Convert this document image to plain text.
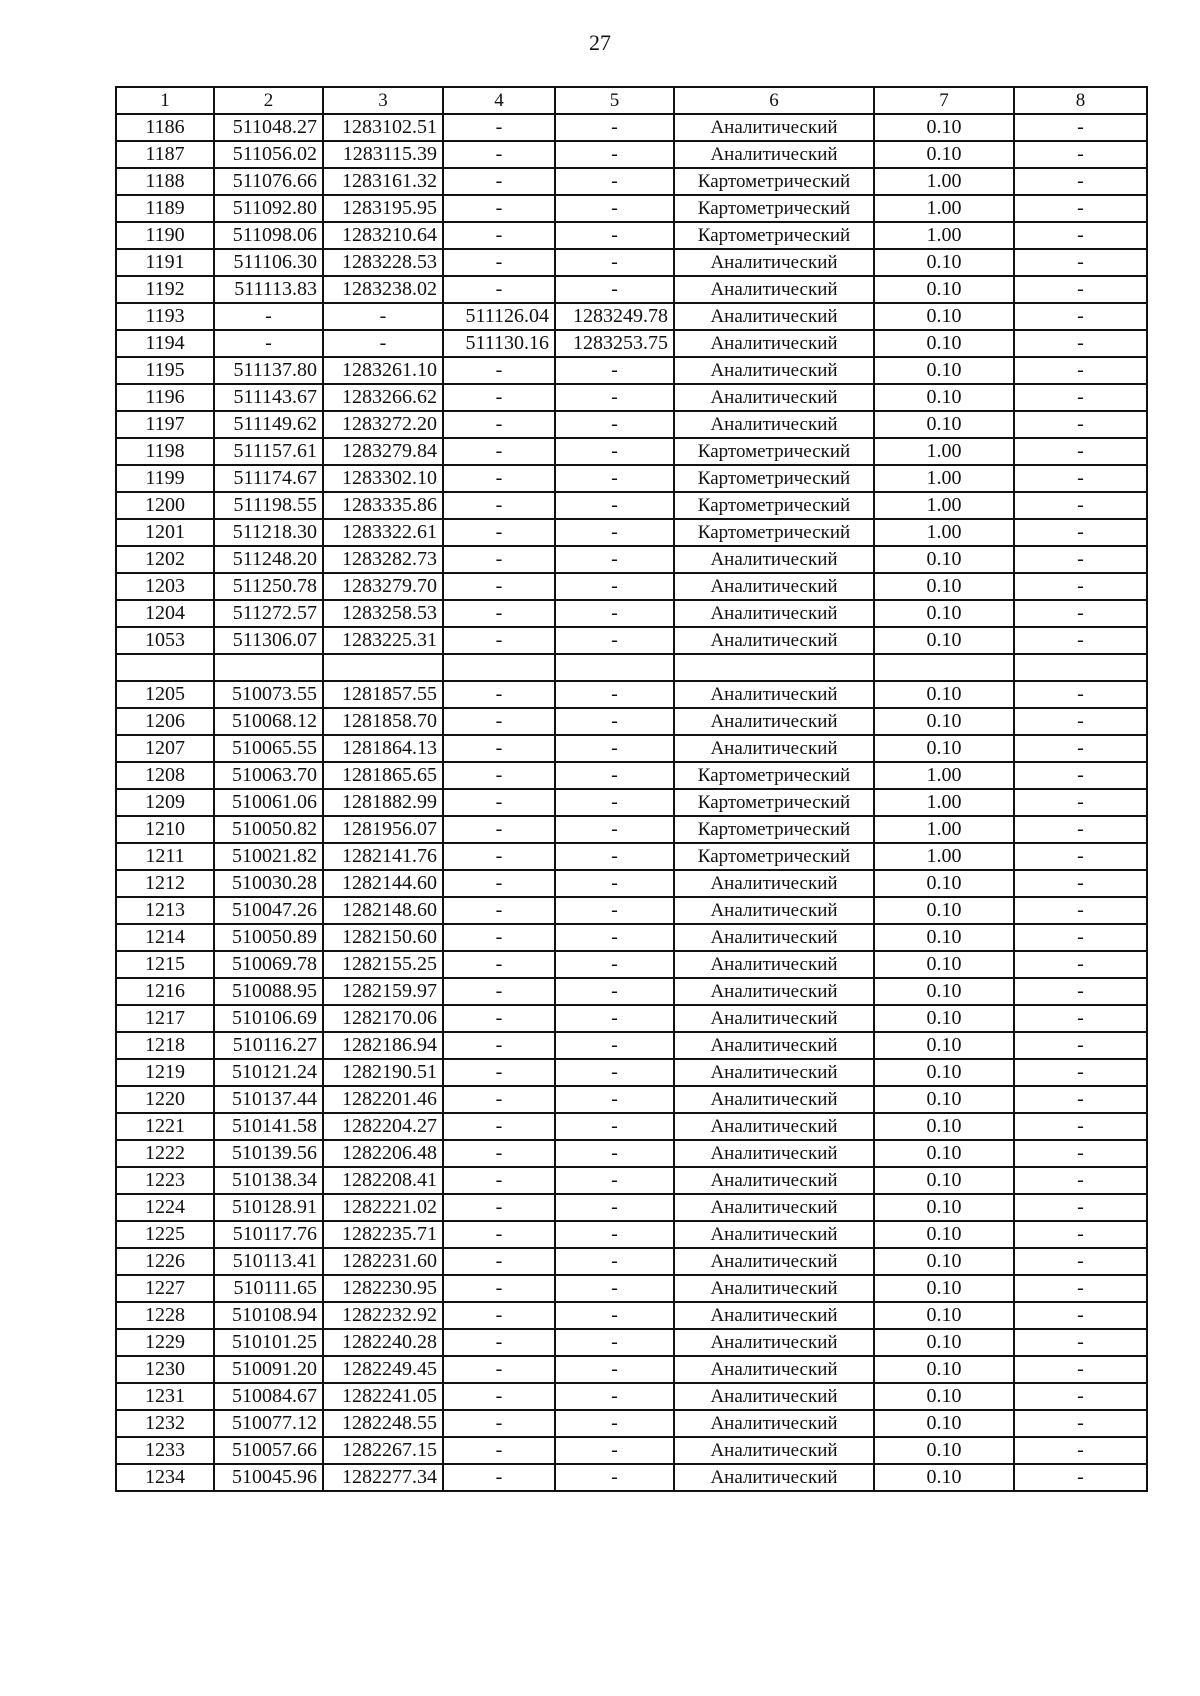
27
1	2	3	4	5	6	7	8
1186	511048.27	1283102.51	-	-	Аналитический	0.10	-
1187	511056.02	1283115.39	-	-	Аналитический	0.10	-
1188	511076.66	1283161.32	-	-	Картометрический	1.00	-
1189	511092.80	1283195.95	-	-	Картометрический	1.00	-
1190	511098.06	1283210.64	-	-	Картометрический	1.00	-
1191	511106.30	1283228.53	-	-	Аналитический	0.10	-
1192	511113.83	1283238.02	-	-	Аналитический	0.10	-
1193	-	-	511126.04	1283249.78	Аналитический	0.10	-
1194	-	-	511130.16	1283253.75	Аналитический	0.10	-
1195	511137.80	1283261.10	-	-	Аналитический	0.10	-
1196	511143.67	1283266.62	-	-	Аналитический	0.10	-
1197	511149.62	1283272.20	-	-	Аналитический	0.10	-
1198	511157.61	1283279.84	-	-	Картометрический	1.00	-
1199	511174.67	1283302.10	-	-	Картометрический	1.00	-
1200	511198.55	1283335.86	-	-	Картометрический	1.00	-
1201	511218.30	1283322.61	-	-	Картометрический	1.00	-
1202	511248.20	1283282.73	-	-	Аналитический	0.10	-
1203	511250.78	1283279.70	-	-	Аналитический	0.10	-
1204	511272.57	1283258.53	-	-	Аналитический	0.10	-
1053	511306.07	1283225.31	-	-	Аналитический	0.10	-

1205	510073.55	1281857.55	-	-	Аналитический	0.10	-
1206	510068.12	1281858.70	-	-	Аналитический	0.10	-
1207	510065.55	1281864.13	-	-	Аналитический	0.10	-
1208	510063.70	1281865.65	-	-	Картометрический	1.00	-
1209	510061.06	1281882.99	-	-	Картометрический	1.00	-
1210	510050.82	1281956.07	-	-	Картометрический	1.00	-
1211	510021.82	1282141.76	-	-	Картометрический	1.00	-
1212	510030.28	1282144.60	-	-	Аналитический	0.10	-
1213	510047.26	1282148.60	-	-	Аналитический	0.10	-
1214	510050.89	1282150.60	-	-	Аналитический	0.10	-
1215	510069.78	1282155.25	-	-	Аналитический	0.10	-
1216	510088.95	1282159.97	-	-	Аналитический	0.10	-
1217	510106.69	1282170.06	-	-	Аналитический	0.10	-
1218	510116.27	1282186.94	-	-	Аналитический	0.10	-
1219	510121.24	1282190.51	-	-	Аналитический	0.10	-
1220	510137.44	1282201.46	-	-	Аналитический	0.10	-
1221	510141.58	1282204.27	-	-	Аналитический	0.10	-
1222	510139.56	1282206.48	-	-	Аналитический	0.10	-
1223	510138.34	1282208.41	-	-	Аналитический	0.10	-
1224	510128.91	1282221.02	-	-	Аналитический	0.10	-
1225	510117.76	1282235.71	-	-	Аналитический	0.10	-
1226	510113.41	1282231.60	-	-	Аналитический	0.10	-
1227	510111.65	1282230.95	-	-	Аналитический	0.10	-
1228	510108.94	1282232.92	-	-	Аналитический	0.10	-
1229	510101.25	1282240.28	-	-	Аналитический	0.10	-
1230	510091.20	1282249.45	-	-	Аналитический	0.10	-
1231	510084.67	1282241.05	-	-	Аналитический	0.10	-
1232	510077.12	1282248.55	-	-	Аналитический	0.10	-
1233	510057.66	1282267.15	-	-	Аналитический	0.10	-
1234	510045.96	1282277.34	-	-	Аналитический	0.10	-
